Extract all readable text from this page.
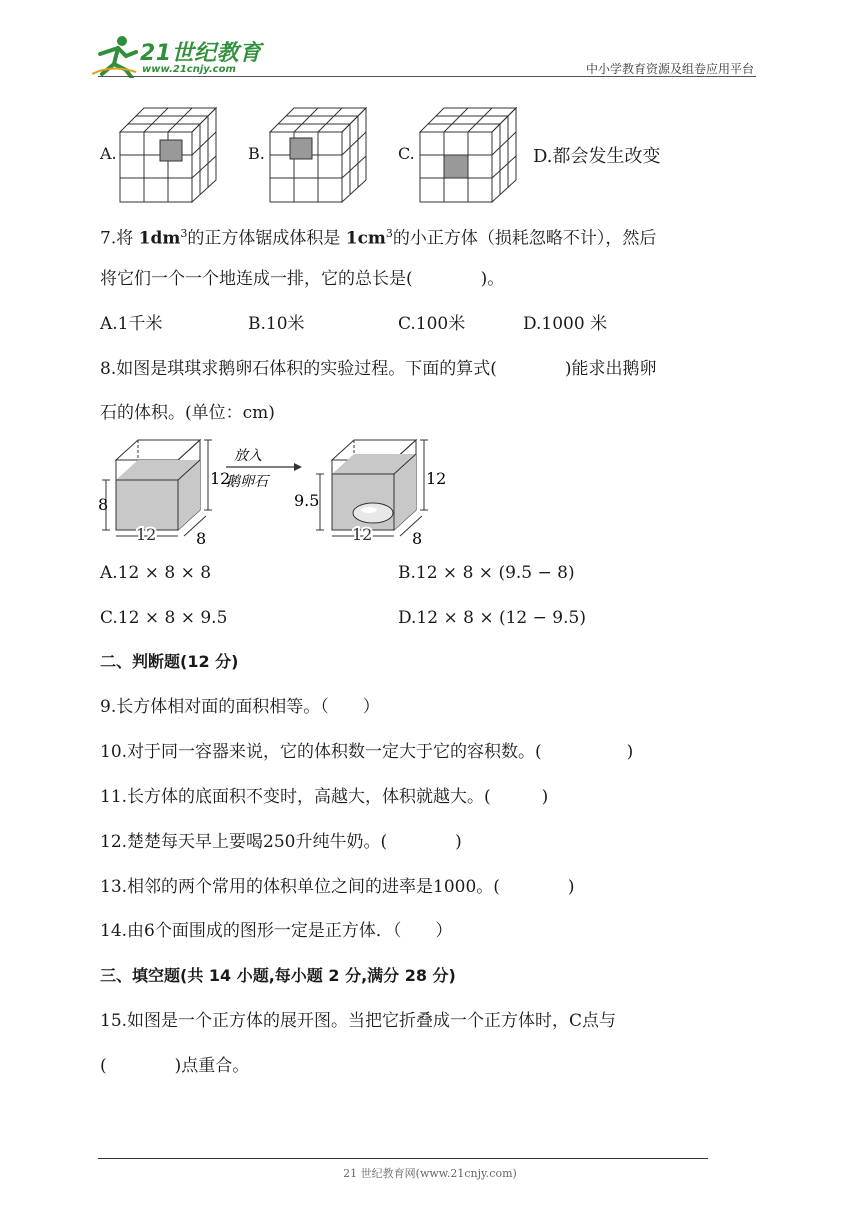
21世纪教育
www.21cnjy.com	中小学教育资源及组卷应用平台
A.	B.	C.	D.都会发生改变
7.将 $1dm^3$的正方体锯成体积是 $1cm^3$的小正方体（损耗忽略不计），然后
将它们一个一个地连成一排，它的总长是(　　　　)。
A.1千米	B.10米	C.100米	D.1000 米
8.如图是琪琪求鹅卵石体积的实验过程。下面的算式(　　　　)能求出鹅卵
石的体积。(单位：cm)
12
8
12 8
放入
鹅卵石	12
9.5
12 8
A.12 × 8 × 8	B.12 × 8 × (9.5 − 8)
C.12 × 8 × 9.5	D.12 × 8 × (12 − 9.5)
二、判断题(12 分)
9.长方体相对面的面积相等。（　　）
10.对于同一容器来说，它的体积数一定大于它的容积数。(　　　　　)
11.长方体的底面积不变时，高越大，体积就越大。(　　　)
12.楚楚每天早上要喝250升纯牛奶。(　　　　)
13.相邻的两个常用的体积单位之间的进率是1000。(　　　　)
14.由6个面围成的图形一定是正方体．（　　）
三、填空题(共 14 小题,每小题 2 分,满分 28 分)
15.如图是一个正方体的展开图。当把它折叠成一个正方体时，C点与
(　　　　)点重合。
21 世纪教育网(www.21cnjy.com)
